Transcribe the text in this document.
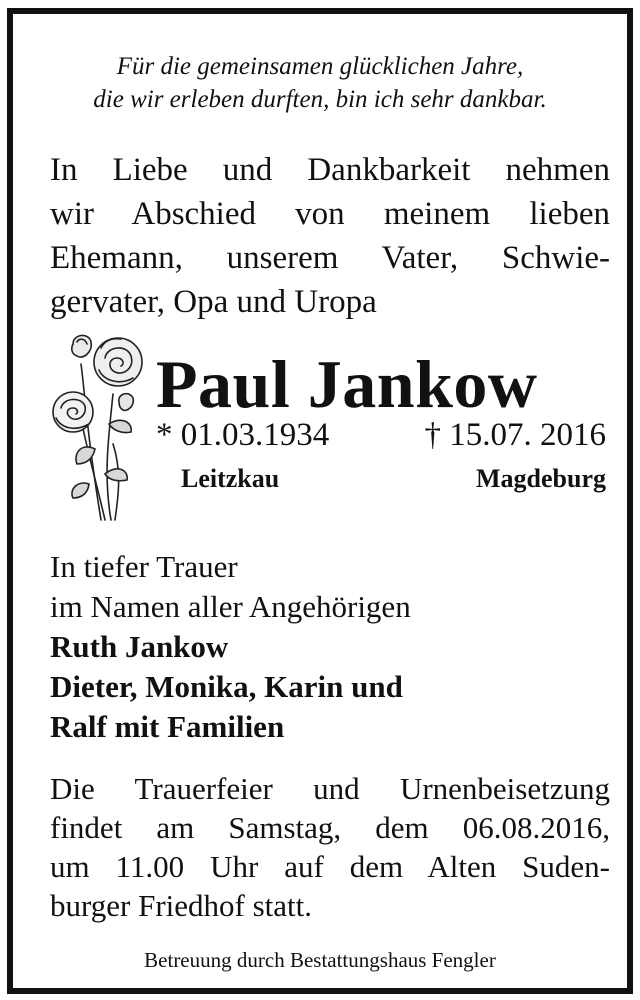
Für die gemeinsamen glücklichen Jahre,
die wir erleben durften, bin ich sehr dankbar.
In Liebe und Dankbarkeit nehmen
wir Abschied von meinem lieben
Ehemann, unserem Vater, Schwie-
gervater, Opa und Uropa
Paul Jankow
* 01.03.1934	† 15.07. 2016
Leitzkau	Magdeburg
In tiefer Trauer
im Namen aller Angehörigen
Ruth Jankow
Dieter, Monika, Karin und
Ralf mit Familien
Die Trauerfeier und Urnenbeisetzung
findet am Samstag, dem 06.08.2016,
um 11.00 Uhr auf dem Alten Suden-
burger Friedhof statt.
Betreuung durch Bestattungshaus Fengler
